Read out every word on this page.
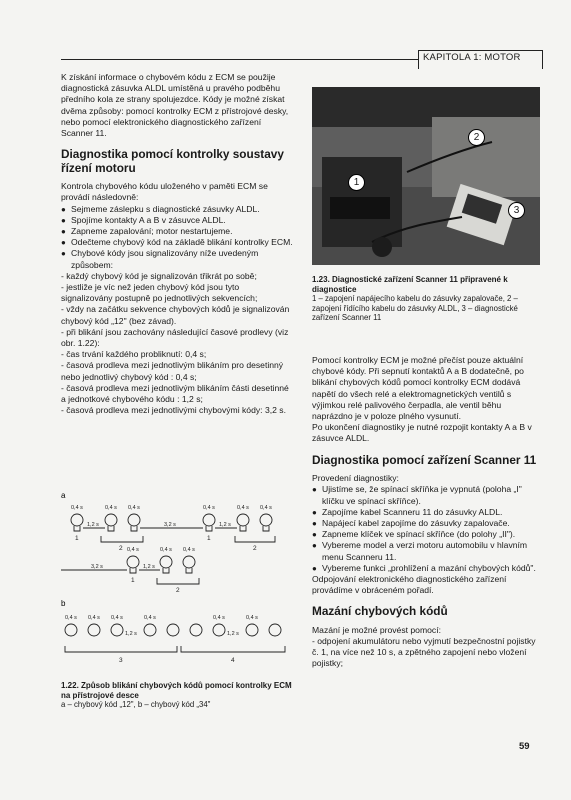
KAPITOLA 1: MOTOR

K získání informace o chybovém kódu z ECM se použije diagnostická zásuvka ALDL umístěná u pravého podběhu předního kola ze strany spolujezdce. Kódy je možné získat dvěma způsoby: pomocí kontrolky ECM z přístrojové desky, nebo pomocí elektronického diagnostického zařízení Scanner 11.

Diagnostika pomocí kontrolky soustavy řízení motoru

Kontrola chybového kódu uloženého v paměti ECM se provádí následovně:

● Sejmeme záslepku s diagnostické zásuvky ALDL.
● Spojíme kontakty A a B v zásuvce ALDL.
● Zapneme zapalování; motor nestartujeme.
● Odečteme chybový kód na základě blikání kontrolky ECM.
● Chybové kódy jsou signalizovány níže uvedeným způsobem:
- každý chybový kód je signalizován třikrát po sobě;
- jestliže je víc než jeden chybový kód jsou tyto signalizovány postupně po jednotlivých sekvencích;
- vždy na začátku sekvence chybových kódů je signalizován chybový kód „12" (bez závad).
- při blikání jsou zachovány následující časové prodlevy (viz obr. 1.22):
- čas trvání každého probliknutí: 0,4 s;
- časová prodleva mezi jednotlivým blikáním pro desetinný nebo jednotlivý chybový kód : 0,4 s;
- časová prodleva mezi jednotlivým blikáním části desetinné a jednotkové chybového kódu : 1,2 s;
- časová prodleva mezi jednotlivými chybovými kódy: 3,2 s.
a
b
0,4 s	0,4 s 0,4 s	0,4 s	0,4 s 0,4 s
1,2 s	3,2 s	1,2 s
3,2 s	1,2 s
0,4 s	0,4 s 0,4 s
0,4 s 0,4 s 0,4 s	0,4 s	0,4 s	0,4 s
1,2 s	1,2 s
1
2
1
2
1
2
3	4
1.22. Způsob blikání chybových kódů pomocí kontrolky ECM na přístrojové desce
a – chybový kód „12", b – chybový kód „34"
1
2
3
1.23. Diagnostické zařízení Scanner 11 připravené k diagnostice
1 – zapojení napájecího kabelu do zásuvky zapalovače, 2 – zapojení řídícího kabelu do zásuvky ALDL, 3 – diagnostické zařízení Scanner 11

Pomocí kontrolky ECM je možné přečíst pouze aktuální chybové kódy. Při sepnutí kontaktů A a B dodatečně, po blikání chybových kódů pomocí kontrolky ECM dodává napětí do všech relé a elektromagnetických ventilů s výjimkou relé palivového čerpadla, ale ventil běhu naprázdno je v poloze plného vysunutí.

Po ukončení diagnostiky je nutné rozpojit kontakty A a B v zásuvce ALDL.

Diagnostika pomocí zařízení Scanner 11

Provedení diagnostiky:

● Ujistíme se, že spínací skříňka je vypnutá (poloha „I" klíčku ve spínací skříňce).
● Zapojíme kabel Scanneru 11 do zásuvky ALDL.
● Napájecí kabel zapojíme do zásuvky zapalovače.
● Zapneme klíček ve spínací skříňce (do polohy „II").
● Vybereme model a verzi motoru automobilu v hlavním menu Scanneru 11.
● Vybereme funkci „prohlížení a mazání chybových kódů".

Odpojování elektronického diagnostického zařízení provádíme v obráceném pořadí.

Mazání chybových kódů

Mazání je možné provést pomocí:

- odpojení akumulátoru nebo vyjmutí bezpečnostní pojistky č. 1, na více než 10 s, a zpětného zapojení nebo vložení pojistky;

59
